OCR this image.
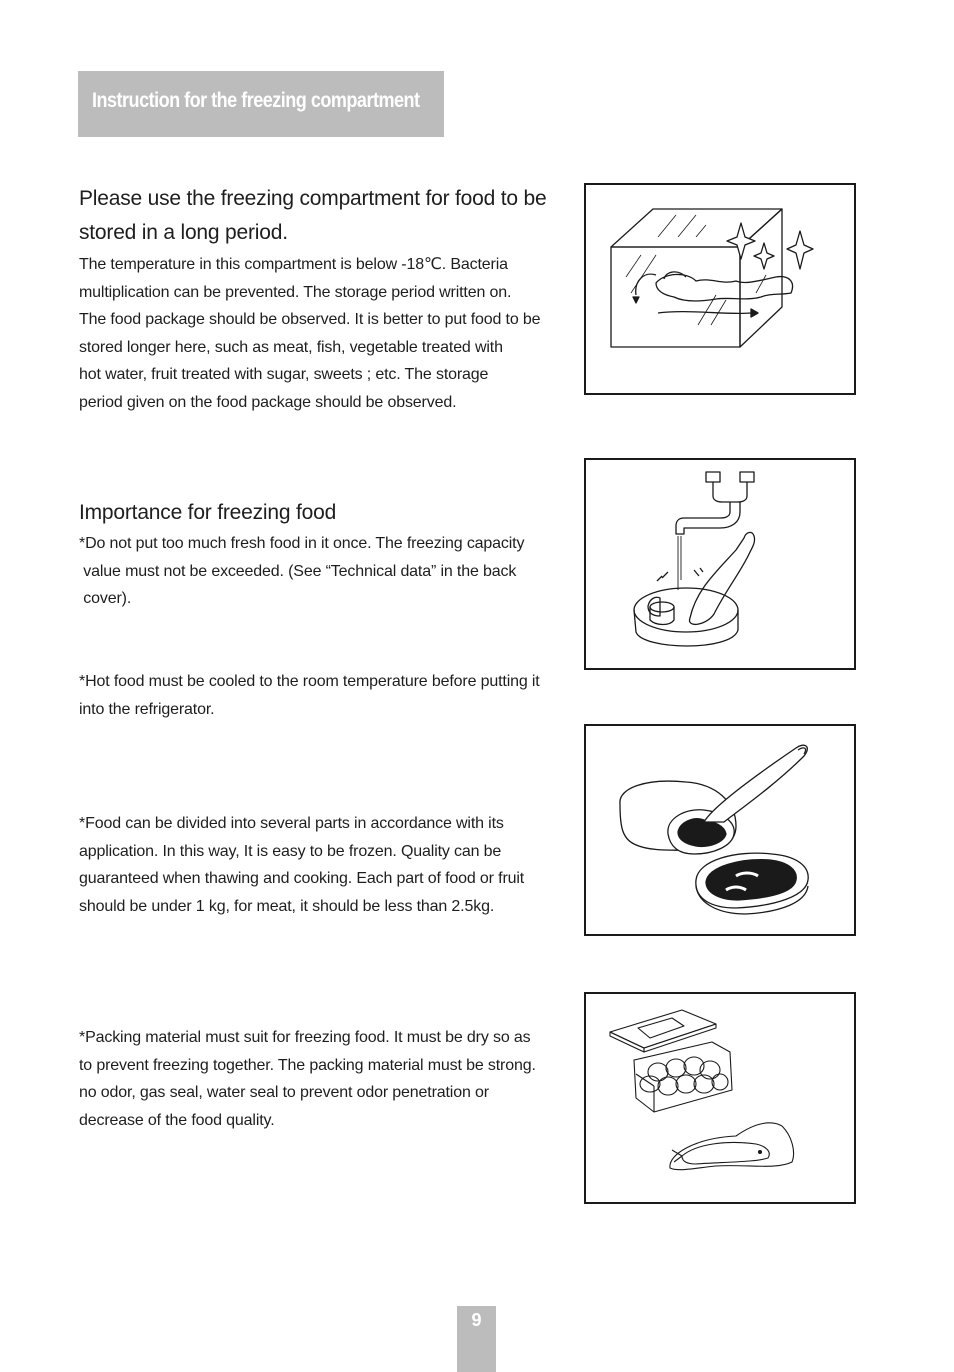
Instruction for the freezing compartment
Please use the freezing compartment for food to be
stored in a long period.
The temperature in this compartment is below -18℃. Bacteria
multiplication can be prevented. The storage period written on.
The food package should be observed. It is better to put food to be
stored longer here, such as meat, fish, vegetable treated with
hot water, fruit treated with sugar, sweets ; etc. The storage
period given on the food package should be observed.
Importance for freezing food
*Do not put too much fresh food in it once. The freezing capacity
value must not be exceeded. (See “Technical data” in the back
cover).
*Hot food must be cooled to the room temperature before putting it
into the refrigerator.
*Food can be divided into several parts in accordance with its
application. In this way, It is easy to be frozen. Quality can be
guaranteed when thawing and cooking. Each part of food or fruit
should be under 1 kg, for meat, it should be less than 2.5kg.
*Packing material must suit for freezing food. It must be dry so as
to prevent freezing together. The packing material must be strong.
no odor, gas seal, water seal to prevent odor penetration or
decrease of the food quality.
9
